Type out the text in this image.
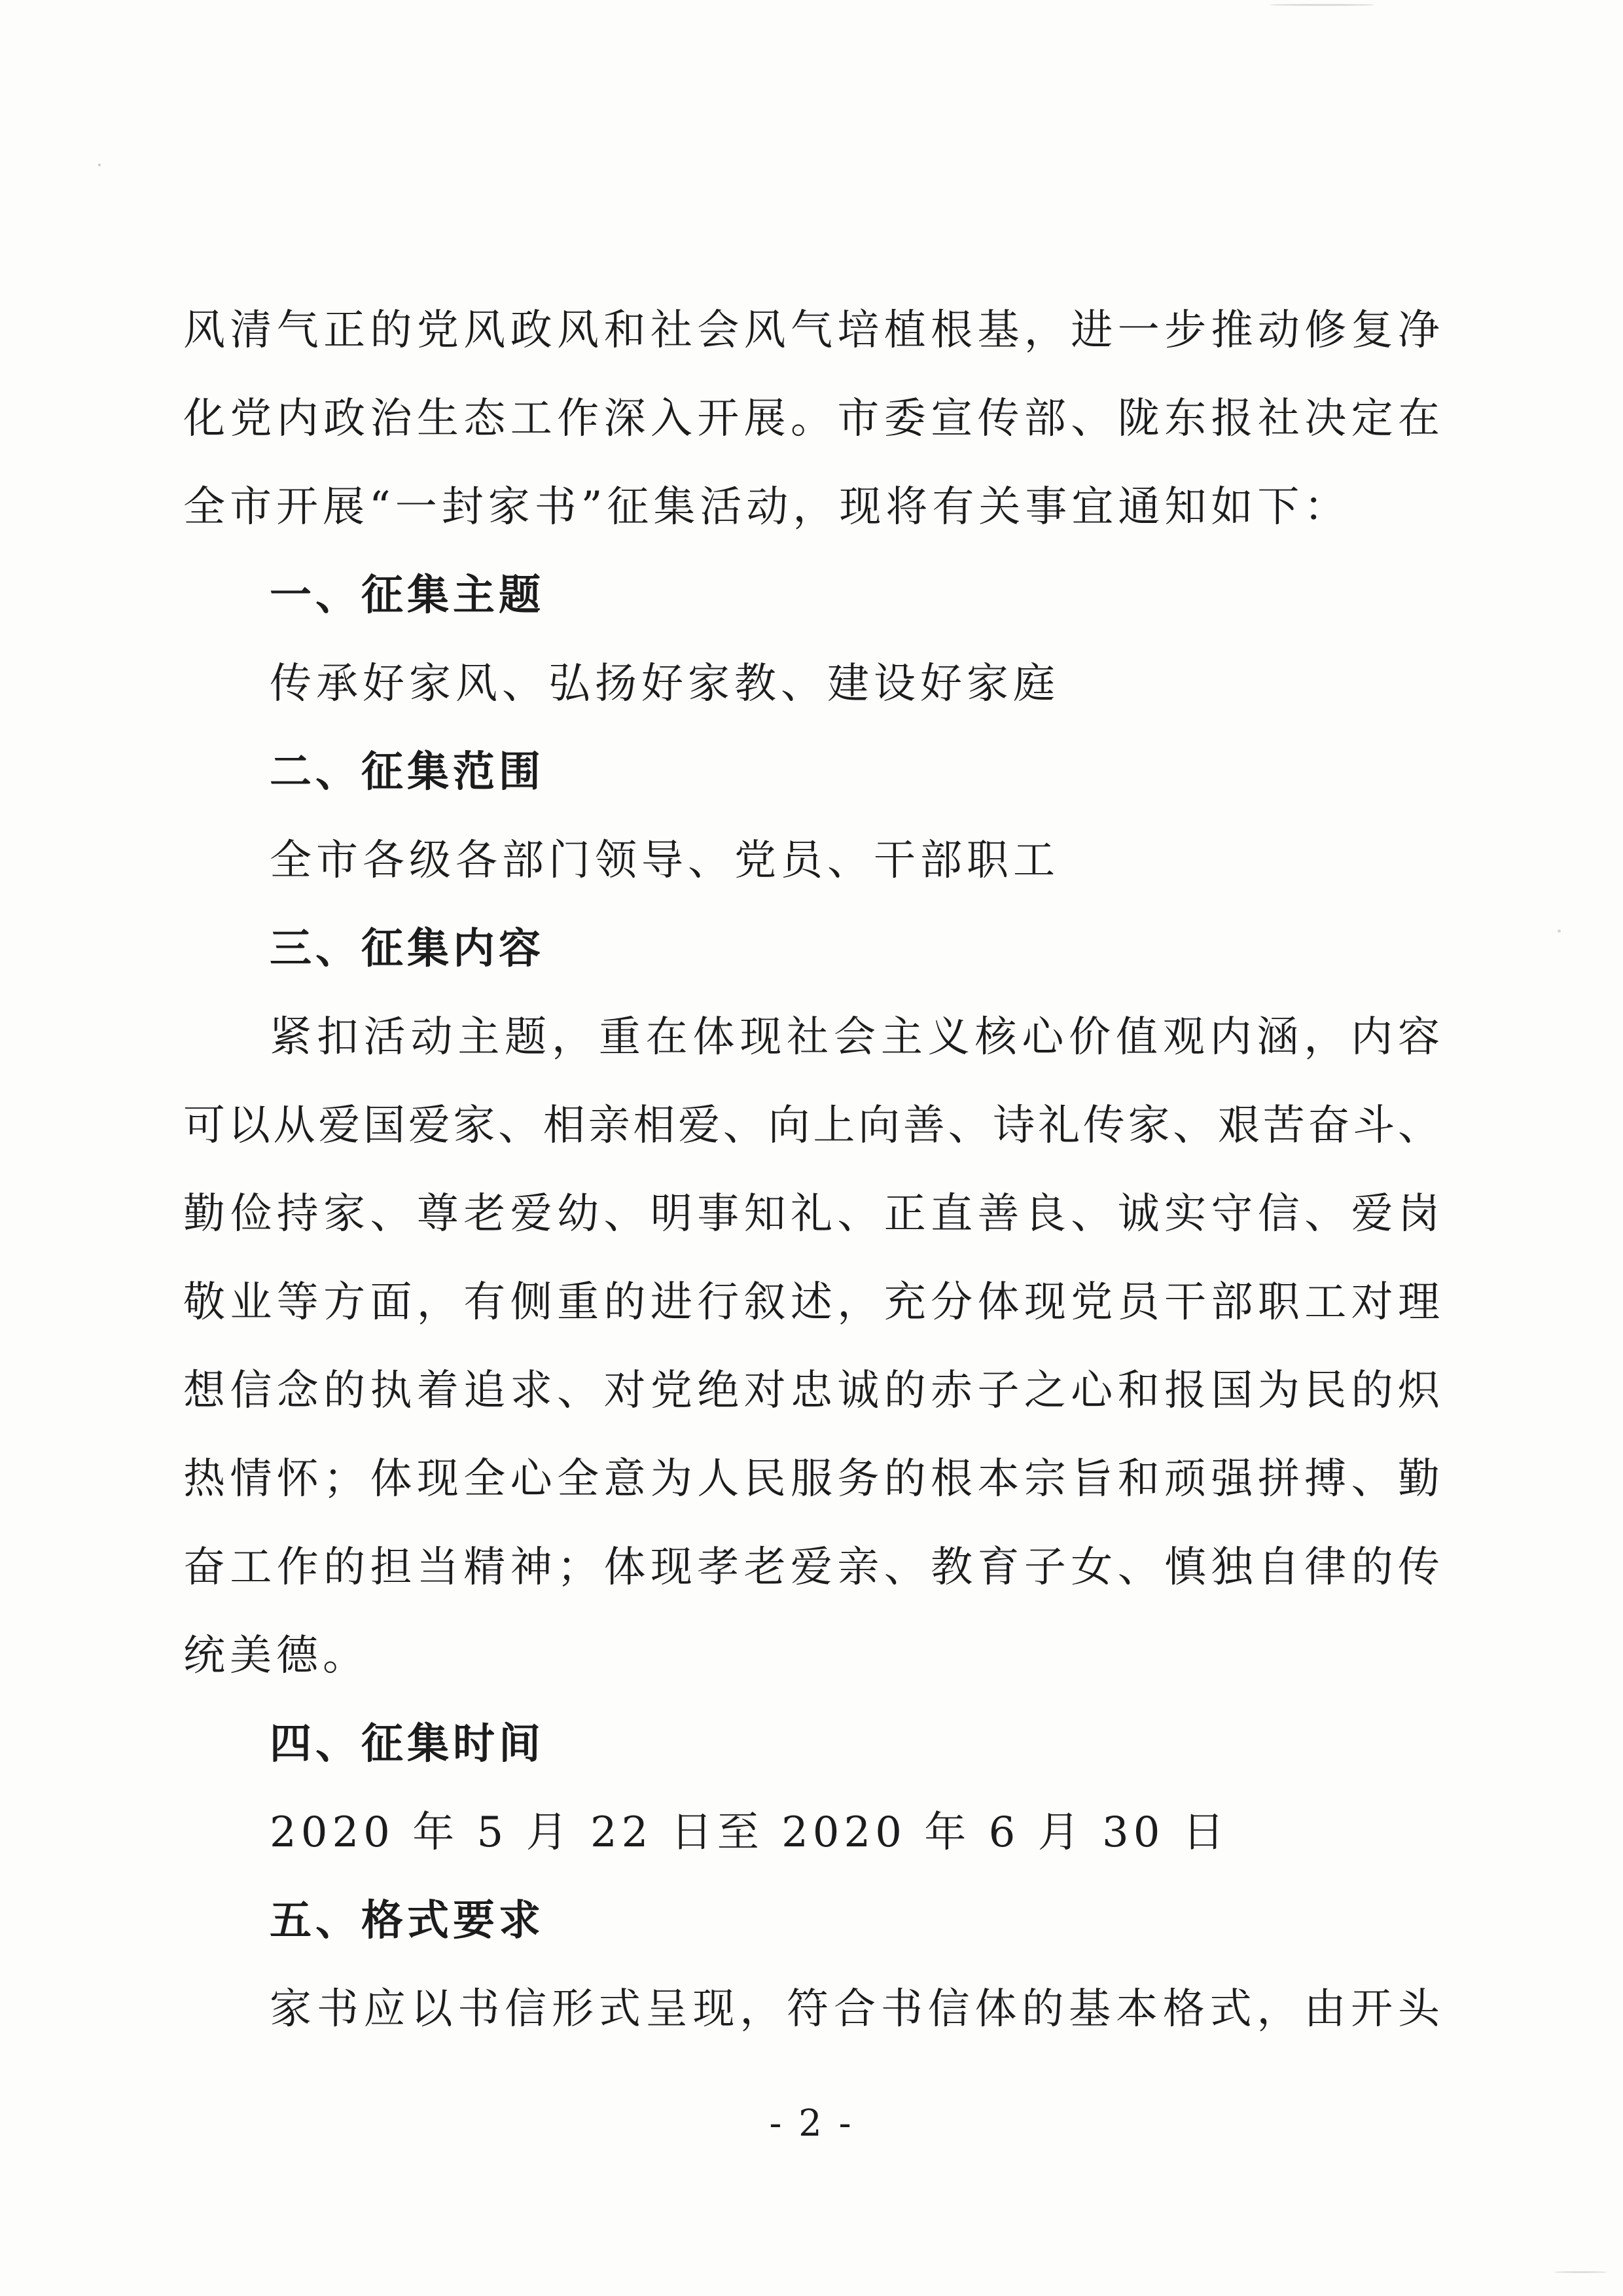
风清气正的党风政风和社会风气培植根基，进一步推动修复净
化党内政治生态工作深入开展。市委宣传部、陇东报社决定在
全市开展“一封家书”征集活动，现将有关事宜通知如下：
一、征集主题
传承好家风、弘扬好家教、建设好家庭
二、征集范围
全市各级各部门领导、党员、干部职工
三、征集内容
紧扣活动主题，重在体现社会主义核心价值观内涵，内容
可以从爱国爱家、相亲相爱、向上向善、诗礼传家、艰苦奋斗、
勤俭持家、尊老爱幼、明事知礼、正直善良、诚实守信、爱岗
敬业等方面，有侧重的进行叙述，充分体现党员干部职工对理
想信念的执着追求、对党绝对忠诚的赤子之心和报国为民的炽
热情怀；体现全心全意为人民服务的根本宗旨和顽强拼搏、勤
奋工作的担当精神；体现孝老爱亲、教育子女、慎独自律的传
统美德。
四、征集时间
2020 年 5 月 22 日至 2020 年 6 月 30 日
五、格式要求
家书应以书信形式呈现，符合书信体的基本格式，由开头
- 2 -
